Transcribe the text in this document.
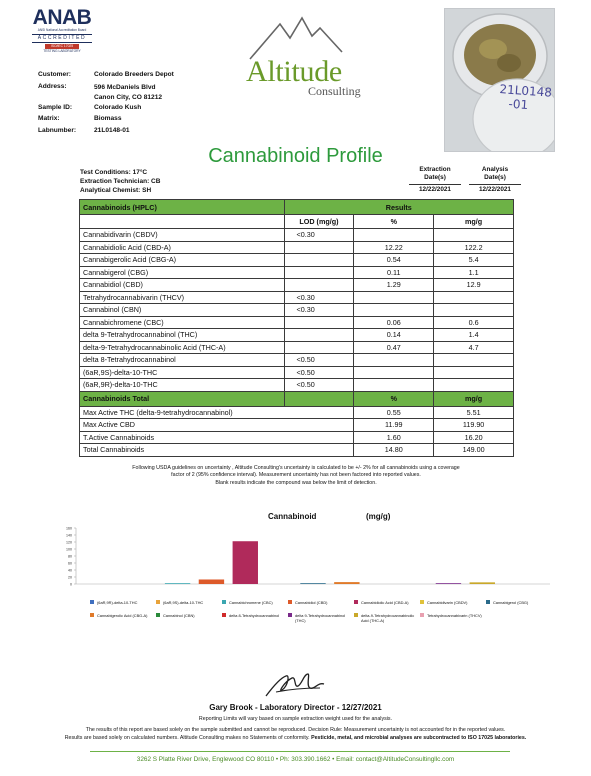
ANAB
ANSI National Accreditation Board
ACCREDITED
ISO/IEC 17025
TESTING LABORATORY
Customer:	Colorado Breeders Depot
Address:	596 McDaniels Blvd
Canon City, CO 81212
Sample ID:	Colorado Kush
Matrix:	Biomass
Labnumber:	21L0148-01
Altitude
Consulting	21L0148
-01
Cannabinoid Profile
Test Conditions: 17°C
Extraction Technician: CB
Analytical Chemist: SH
Extraction
Date(s)
12/22/2021
Analysis
Date(s)
12/22/2021
Cannabinoids (HPLC)	Results		
	LOD (mg/g)	%	mg/g
Cannabidivarin (CBDV)	<0.30		
Cannabidiolic Acid (CBD-A)		12.22	122.2
Cannabigerolic Acid (CBG-A)		0.54	5.4
Cannabigerol (CBG)		0.11	1.1
Cannabidiol (CBD)		1.29	12.9
Tetrahydrocannabivarin (THCV)	<0.30		
Cannabinol (CBN)	<0.30		
Cannabichromene (CBC)		0.06	0.6
delta 9-Tetrahydrocannabinol (THC)		0.14	1.4
delta-9-Tetrahydrocannabinolic Acid (THC-A)		0.47	4.7
delta 8-Tetrahydrocannabinol	<0.50		
(6aR,9S)-delta-10-THC	<0.50		
(6aR,9R)-delta-10-THC	<0.50		
Cannabinoids Total		%	mg/g
Max Active THC (delta-9-tetrahydrocannabinol)		0.55	5.51
Max Active CBD		11.99	119.90
T.Active Cannabinoids		1.60	16.20
Total Cannabinoids		14.80	149.00
Following USDA guidelines on uncertainty , Altitude Consulting's uncertainty is calculated to be +/- 2% for all cannabinoids using a coverage
factor of 2 (95% confidence interval). Measurement uncertainty has not been factored into reported values.
Blank results indicate the compound was below the limit of detection.
Cannabinoid	(mg/g)
0
20
40
60
80
100
120
140
160
(6aR,9R)-delta-10-THC	(6aR,9S)-delta-10-THC	Cannabichromene (CBC)	Cannabidiol (CBD)	Cannabidiolic Acid (CBD-A)	Cannabidivarin (CBDV)	Cannabigerol (CBG)
Cannabigerolic Acid (CBG-A)	Cannabinol (CBN)	delta 8-Tetrahydrocannabinol	delta 9-Tetrahydrocannabinol (THC)
delta-9-Tetrahydrocannabinolic Acid (THC-A)
Tetrahydrocannabivarin (THCV)
Gary Brook - Laboratory Director - 12/27/2021
Reporting Limits will vary based on sample extraction weight used for the analysis.
The results of this report are based solely on the sample submitted and cannot be reproduced. Decision Rule: Measurement uncertainty is not accounted for in the reported values.
Results are based solely on calculated numbers. Altitude Consulting makes no Statements of conformity. Pesticide, metal, and microbial analyses are subcontracted to ISO 17025 laboratories.
3262 S Platte River Drive, Englewood CO 80110 • Ph: 303.390.1662 • Email: contact@AltitudeConsultingllc.com
